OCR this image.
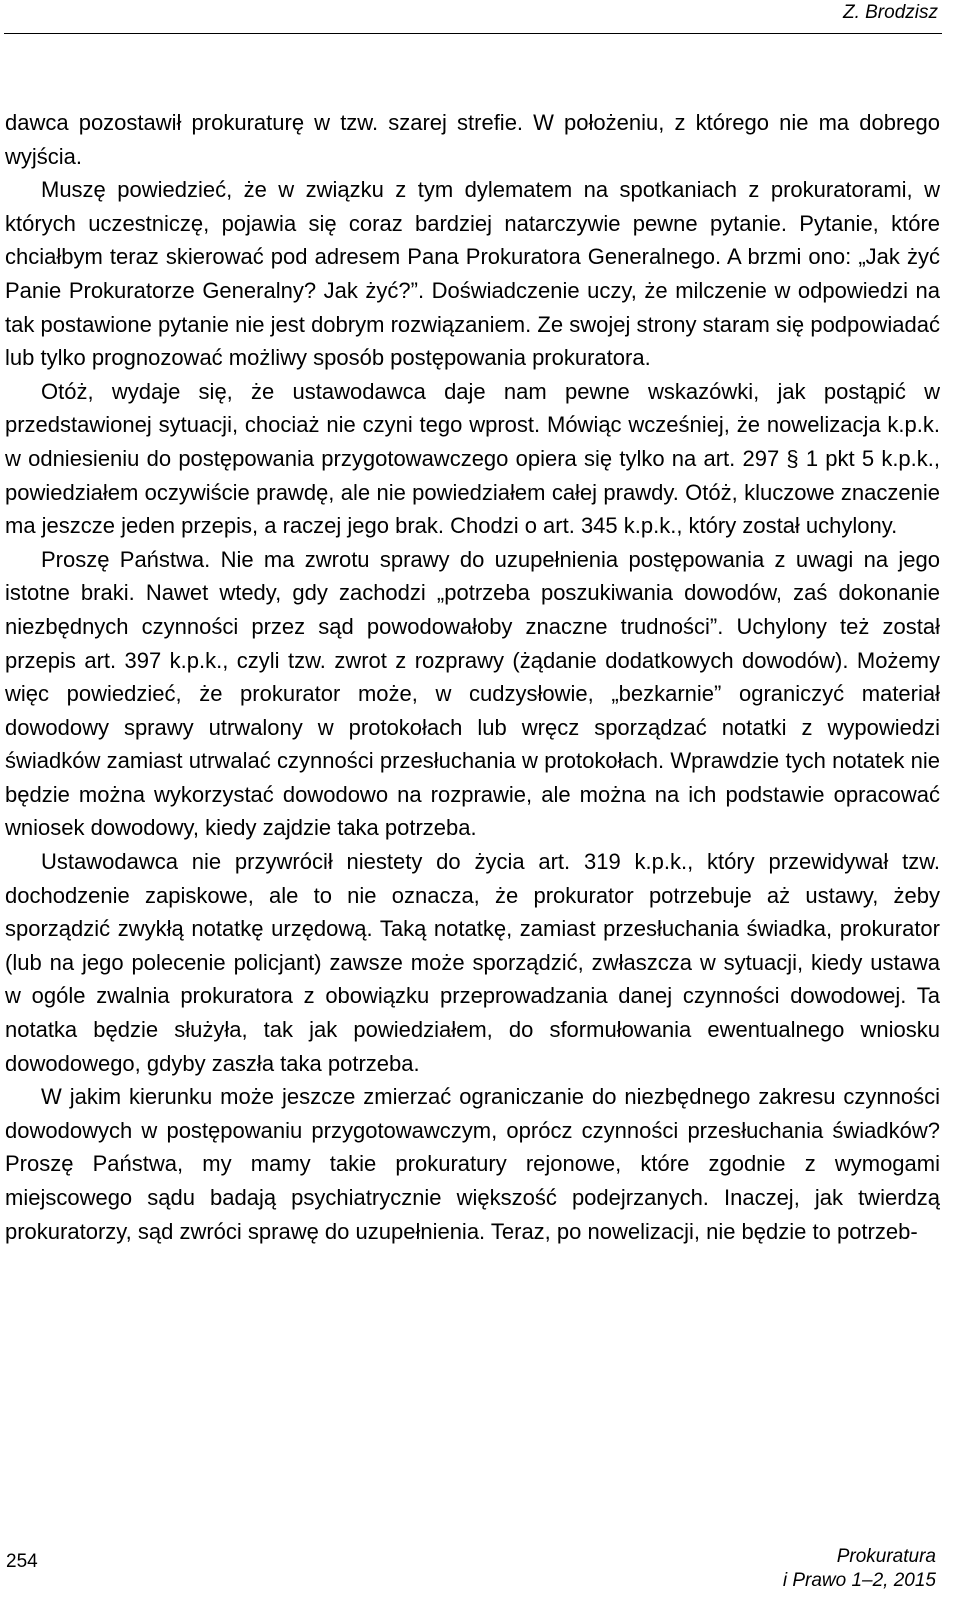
Z. Brodzisz

dawca pozostawił prokuraturę w tzw. szarej strefie. W położeniu, z którego nie ma dobrego wyjścia.

Muszę powiedzieć, że w związku z tym dylematem na spotkaniach z prokuratorami, w których uczestniczę, pojawia się coraz bardziej natarczywie pewne pytanie. Pytanie, które chciałbym teraz skierować pod adresem Pana Prokuratora Generalnego. A brzmi ono: „Jak żyć Panie Prokuratorze Generalny? Jak żyć?”. Doświadczenie uczy, że milczenie w odpowiedzi na tak postawione pytanie nie jest dobrym rozwiązaniem. Ze swojej strony staram się podpowiadać lub tylko prognozować możliwy sposób postępowania prokuratora.

Otóż, wydaje się, że ustawodawca daje nam pewne wskazówki, jak postąpić w przedstawionej sytuacji, chociaż nie czyni tego wprost. Mówiąc wcześniej, że nowelizacja k.p.k. w odniesieniu do postępowania przygotowawczego opiera się tylko na art. 297 § 1 pkt 5 k.p.k., powiedziałem oczywiście prawdę, ale nie powiedziałem całej prawdy. Otóż, kluczowe znaczenie ma jeszcze jeden przepis, a raczej jego brak. Chodzi o art. 345 k.p.k., który został uchylony.

Proszę Państwa. Nie ma zwrotu sprawy do uzupełnienia postępowania z uwagi na jego istotne braki. Nawet wtedy, gdy zachodzi „potrzeba poszukiwania dowodów, zaś dokonanie niezbędnych czynności przez sąd powodowałoby znaczne trudności”. Uchylony też został przepis art. 397 k.p.k., czyli tzw. zwrot z rozprawy (żądanie dodatkowych dowodów). Możemy więc powiedzieć, że prokurator może, w cudzysłowie, „bezkarnie” ograniczyć materiał dowodowy sprawy utrwalony w protokołach lub wręcz sporządzać notatki z wypowiedzi świadków zamiast utrwalać czynności przesłuchania w protokołach. Wprawdzie tych notatek nie będzie można wykorzystać dowodowo na rozprawie, ale można na ich podstawie opracować wniosek dowodowy, kiedy zajdzie taka potrzeba.

Ustawodawca nie przywrócił niestety do życia art. 319 k.p.k., który przewidywał tzw. dochodzenie zapiskowe, ale to nie oznacza, że prokurator potrzebuje aż ustawy, żeby sporządzić zwykłą notatkę urzędową. Taką notatkę, zamiast przesłuchania świadka, prokurator (lub na jego polecenie policjant) zawsze może sporządzić, zwłaszcza w sytuacji, kiedy ustawa w ogóle zwalnia prokuratora z obowiązku przeprowadzania danej czynności dowodowej. Ta notatka będzie służyła, tak jak powiedziałem, do sformułowania ewentualnego wniosku dowodowego, gdyby zaszła taka potrzeba.

W jakim kierunku może jeszcze zmierzać ograniczanie do niezbędnego zakresu czynności dowodowych w postępowaniu przygotowawczym, oprócz czynności przesłuchania świadków? Proszę Państwa, my mamy takie prokuratury rejonowe, które zgodnie z wymogami miejscowego sądu badają psychiatrycznie większość podejrzanych. Inaczej, jak twierdzą prokuratorzy, sąd zwróci sprawę do uzupełnienia. Teraz, po nowelizacji, nie będzie to potrzeb-

254	Prokuratura
i Prawo 1–2, 2015
